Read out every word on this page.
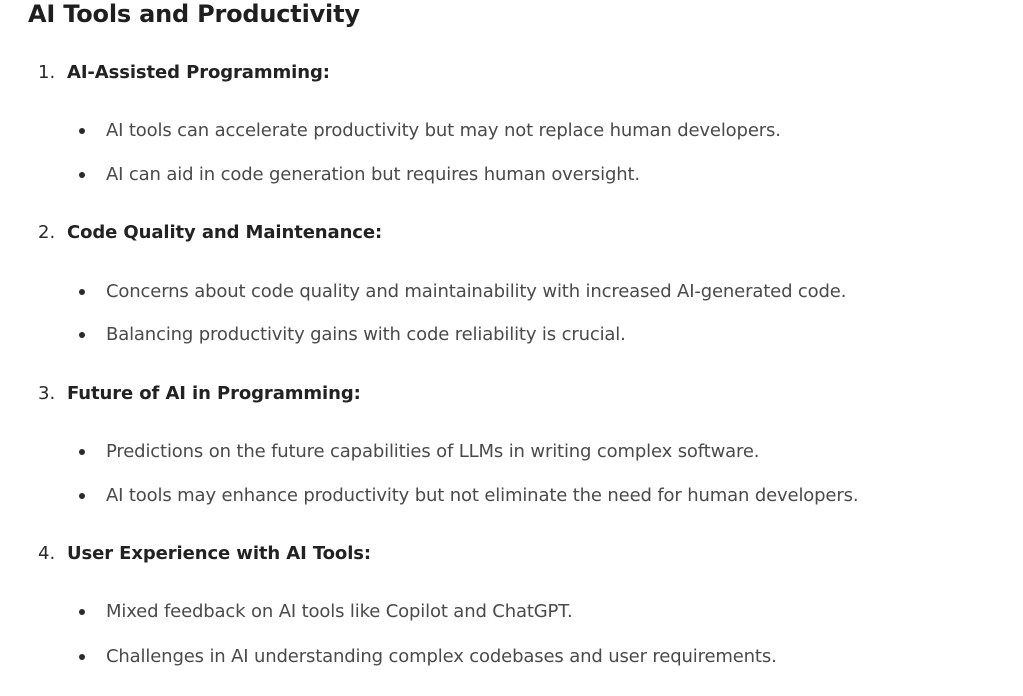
AI Tools and Productivity
1. AI-Assisted Programming:
AI tools can accelerate productivity but may not replace human developers.
AI can aid in code generation but requires human oversight.
2. Code Quality and Maintenance:
Concerns about code quality and maintainability with increased AI-generated code.
Balancing productivity gains with code reliability is crucial.
3. Future of AI in Programming:
Predictions on the future capabilities of LLMs in writing complex software.
AI tools may enhance productivity but not eliminate the need for human developers.
4. User Experience with AI Tools:
Mixed feedback on AI tools like Copilot and ChatGPT.
Challenges in AI understanding complex codebases and user requirements.
